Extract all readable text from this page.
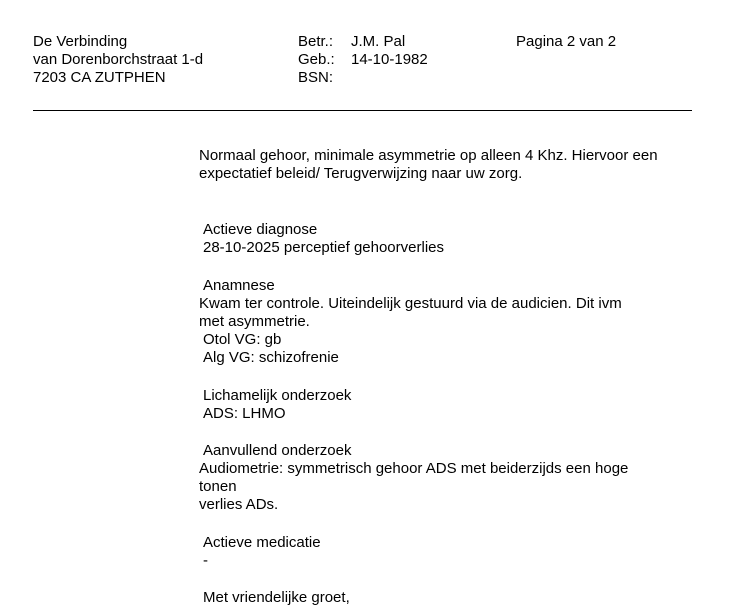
De Verbinding
van Dorenborchstraat 1-d
7203 CA ZUTPHEN
Betr.:
Geb.:
BSN:
J.M. Pal
14-10-1982
Pagina 2 van 2
Normaal gehoor, minimale asymmetrie op alleen 4 Khz. Hiervoor een
expectatief beleid/ Terugverwijzing naar uw zorg.
Actieve diagnose
28-10-2025 perceptief gehoorverlies
Anamnese
Kwam ter controle. Uiteindelijk gestuurd via de audicien. Dit ivm
met asymmetrie.
Otol VG: gb
Alg VG: schizofrenie
Lichamelijk onderzoek
ADS: LHMO
Aanvullend onderzoek
Audiometrie: symmetrisch gehoor ADS met beiderzijds een hoge
tonen
verlies ADs.
Actieve medicatie
-
Met vriendelijke groet,
